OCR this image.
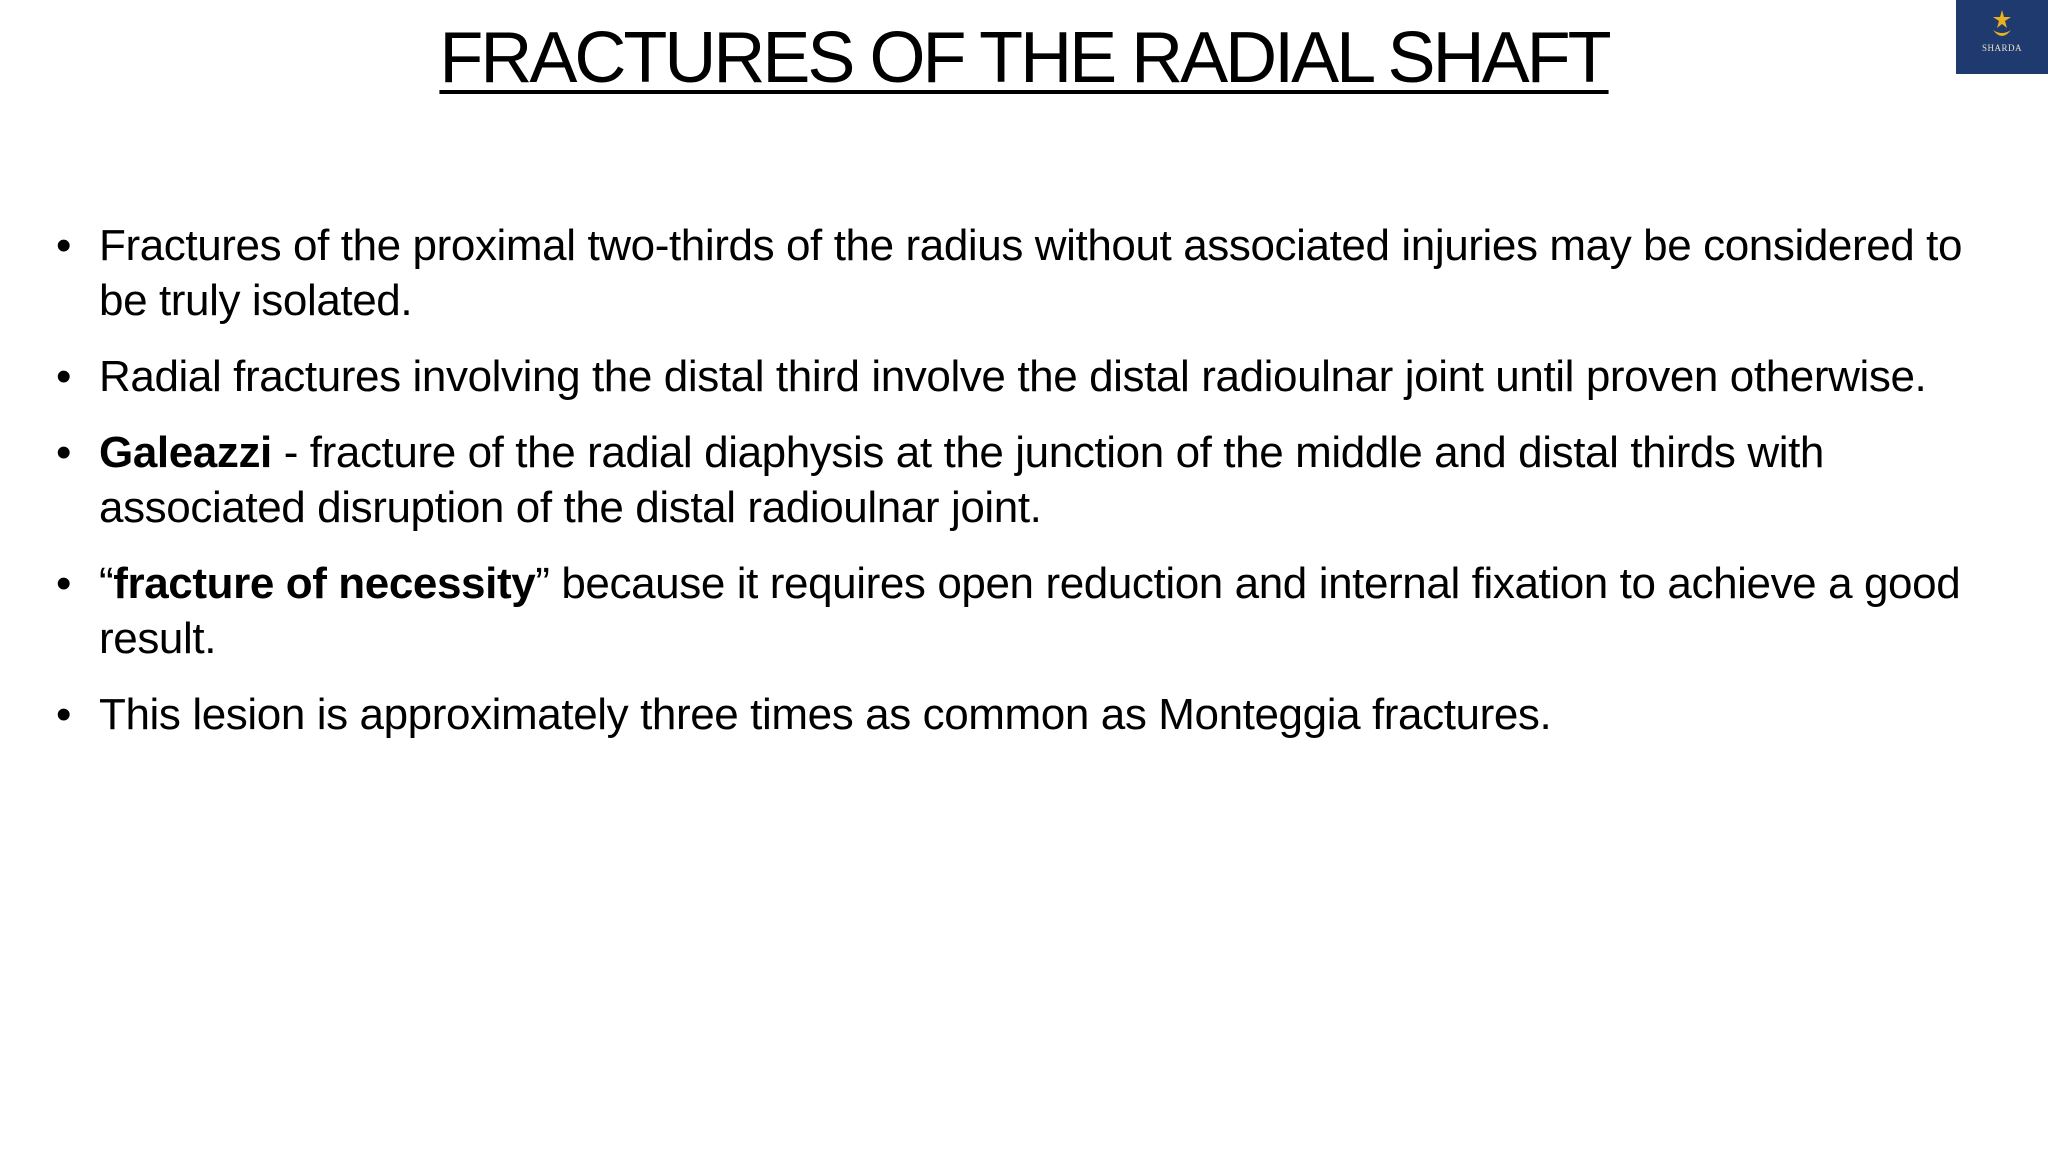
FRACTURES OF THE RADIAL SHAFT	SHARDA
• Fractures of the proximal two-thirds of the radius without associated injuries may be considered to be truly isolated.
• Radial fractures involving the distal third involve the distal radioulnar joint until proven otherwise.
• Galeazzi - fracture of the radial diaphysis at the junction of the middle and distal thirds with associated disruption of the distal radioulnar joint.
• “fracture of necessity” because it requires open reduction and internal fixation to achieve a good result.
• This lesion is approximately three times as common as Monteggia fractures.
